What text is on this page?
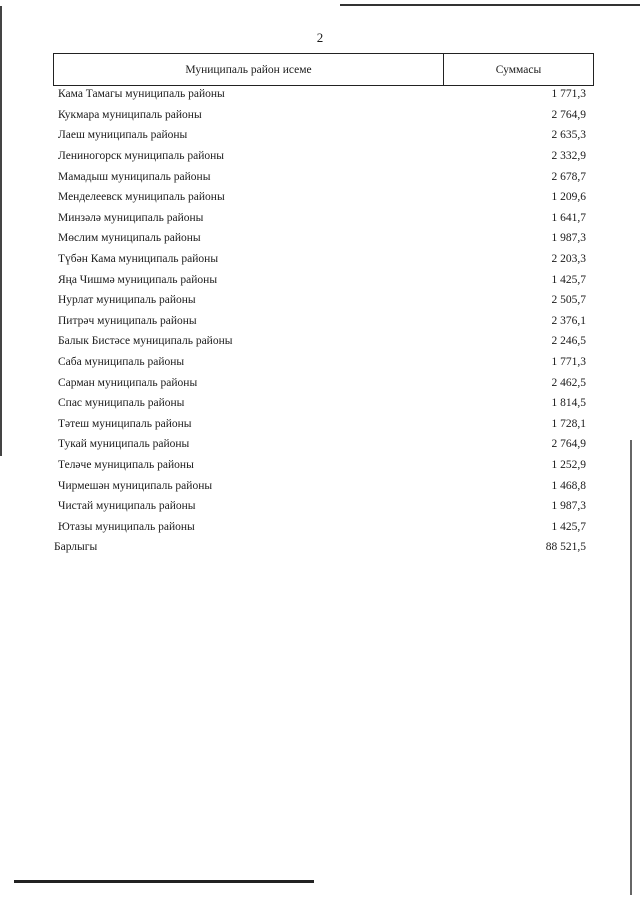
2
Муниципаль район исеме	Суммасы
Кама Тамагы муниципаль районы	1 771,3
Кукмара муниципаль районы	2 764,9
Лаеш муниципаль районы	2 635,3
Лениногорск муниципаль районы	2 332,9
Мамадыш муниципаль районы	2 678,7
Менделеевск муниципаль районы	1 209,6
Минзәлә муниципаль районы	1 641,7
Мөслим муниципаль районы	1 987,3
Түбән Кама муниципаль районы	2 203,3
Яңа Чишмә муниципаль районы	1 425,7
Нурлат муниципаль районы	2 505,7
Питрәч муниципаль районы	2 376,1
Балык Бистәсе муниципаль районы	2 246,5
Саба муниципаль районы	1 771,3
Сарман муниципаль районы	2 462,5
Спас муниципаль районы	1 814,5
Тәтеш муниципаль районы	1 728,1
Тукай муниципаль районы	2 764,9
Теләче муниципаль районы	1 252,9
Чирмешән муниципаль районы	1 468,8
Чистай муниципаль районы	1 987,3
Ютазы муниципаль районы	1 425,7
Барлыгы	88 521,5
